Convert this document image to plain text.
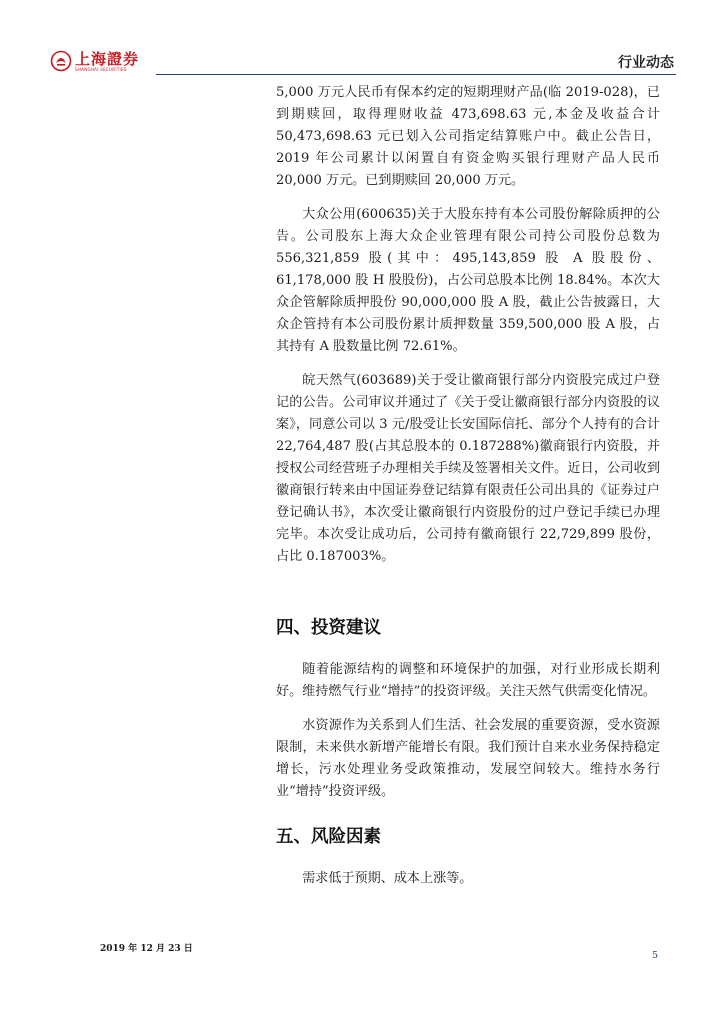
上海證券
SHANGHAI SECURITIES	行业动态

5,000 万元人民币有保本约定的短期理财产品(临 2019-028)，已到期赎回，取得理财收益 473,698.63 元,本金及收益合计 50,473,698.63 元已划入公司指定结算账户中。截止公告日，2019 年公司累计以闲置自有资金购买银行理财产品人民币 20,000 万元。已到期赎回 20,000 万元。

大众公用(600635)关于大股东持有本公司股份解除质押的公告。公司股东上海大众企业管理有限公司持公司股份总数为 556,321,859 股(其中：495,143,859 股 A 股股份、61,178,000 股 H 股股份)，占公司总股本比例 18.84%。本次大众企管解除质押股份 90,000,000 股 A 股，截止公告披露日，大众企管持有本公司股份累计质押数量 359,500,000 股 A 股，占其持有 A 股数量比例 72.61%。

皖天然气(603689)关于受让徽商银行部分内资股完成过户登记的公告。公司审议并通过了《关于受让徽商银行部分内资股的议案》，同意公司以 3 元/股受让长安国际信托、部分个人持有的合计 22,764,487 股(占其总股本的 0.187288%)徽商银行内资股，并授权公司经营班子办理相关手续及签署相关文件。近日，公司收到徽商银行转来由中国证券登记结算有限责任公司出具的《证券过户登记确认书》，本次受让徽商银行内资股份的过户登记手续已办理完毕。本次受让成功后，公司持有徽商银行 22,729,899 股份，占比 0.187003%。

四、投资建议

随着能源结构的调整和环境保护的加强，对行业形成长期利好。维持燃气行业“增持”的投资评级。关注天然气供需变化情况。

水资源作为关系到人们生活、社会发展的重要资源，受水资源限制，未来供水新增产能增长有限。我们预计自来水业务保持稳定增长，污水处理业务受政策推动，发展空间较大。维持水务行业“增持”投资评级。

五、风险因素

需求低于预期、成本上涨等。

2019 年 12 月 23 日
5
